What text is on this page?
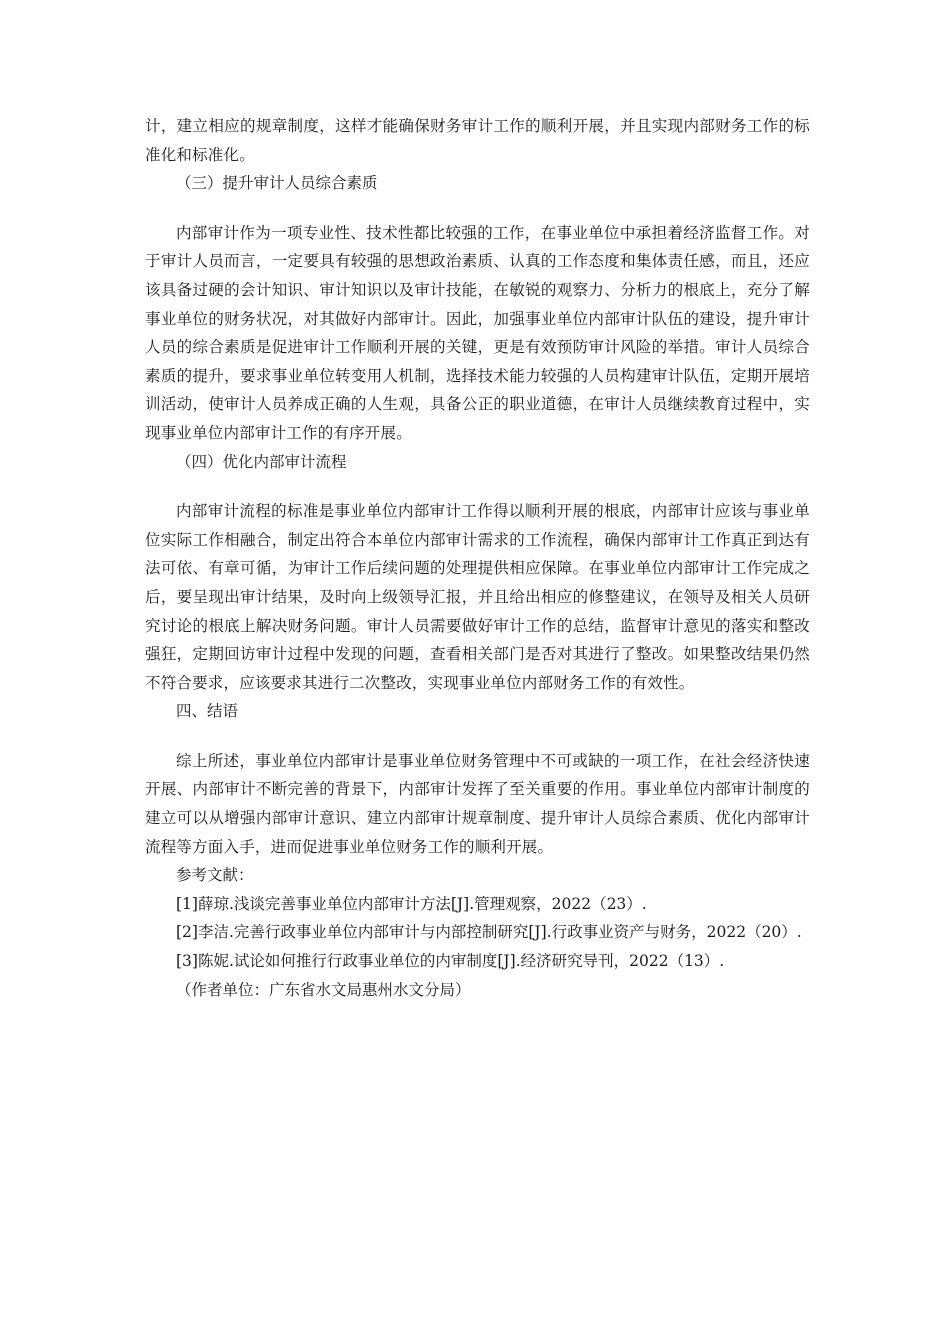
计，建立相应的规章制度，这样才能确保财务审计工作的顺利开展，并且实现内部财务工作的标准化和标准化。

（三）提升审计人员综合素质

内部审计作为一项专业性、技术性都比较强的工作，在事业单位中承担着经济监督工作。对于审计人员而言，一定要具有较强的思想政治素质、认真的工作态度和集体责任感，而且，还应该具备过硬的会计知识、审计知识以及审计技能，在敏锐的观察力、分析力的根底上，充分了解事业单位的财务状况，对其做好内部审计。因此，加强事业单位内部审计队伍的建设，提升审计人员的综合素质是促进审计工作顺利开展的关键，更是有效预防审计风险的举措。审计人员综合素质的提升，要求事业单位转变用人机制，选择技术能力较强的人员构建审计队伍，定期开展培训活动，使审计人员养成正确的人生观，具备公正的职业道德，在审计人员继续教育过程中，实现事业单位内部审计工作的有序开展。

（四）优化内部审计流程

内部审计流程的标准是事业单位内部审计工作得以顺利开展的根底，内部审计应该与事业单位实际工作相融合，制定出符合本单位内部审计需求的工作流程，确保内部审计工作真正到达有法可依、有章可循，为审计工作后续问题的处理提供相应保障。在事业单位内部审计工作完成之后，要呈现出审计结果，及时向上级领导汇报，并且给出相应的修整建议，在领导及相关人员研究讨论的根底上解决财务问题。审计人员需要做好审计工作的总结，监督审计意见的落实和整改强狂，定期回访审计过程中发现的问题，查看相关部门是否对其进行了整改。如果整改结果仍然不符合要求，应该要求其进行二次整改，实现事业单位内部财务工作的有效性。

四、结语

综上所述，事业单位内部审计是事业单位财务管理中不可或缺的一项工作，在社会经济快速开展、内部审计不断完善的背景下，内部审计发挥了至关重要的作用。事业单位内部审计制度的建立可以从增强内部审计意识、建立内部审计规章制度、提升审计人员综合素质、优化内部审计流程等方面入手，进而促进事业单位财务工作的顺利开展。

参考文献：

[1]薛琼.浅谈完善事业单位内部审计方法[J].管理观察，2022（23）.

[2]李洁.完善行政事业单位内部审计与内部控制研究[J].行政事业资产与财务，2022（20）.

[3]陈妮.试论如何推行行政事业单位的内审制度[J].经济研究导刊，2022（13）.

（作者单位：广东省水文局惠州水文分局）
